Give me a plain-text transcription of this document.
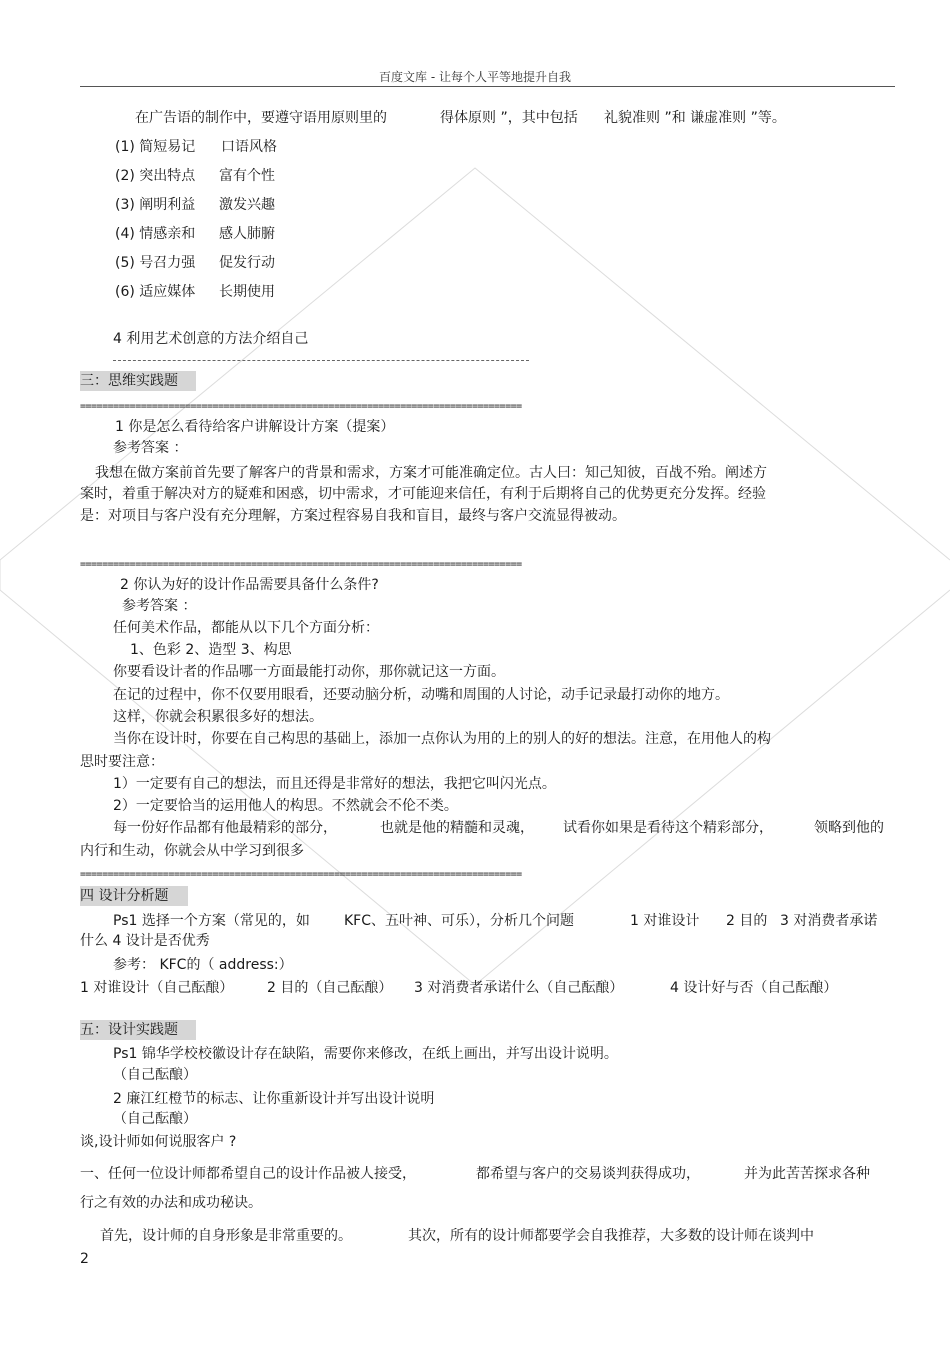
百度文库 - 让每个人平等地提升自我
在广告语的制作中，要遵守语用原则里的	得体原则 ”，其中包括 礼貌准则 ”和 谦虚准则 ”等。
(1) 简短易记 口语风格
(2) 突出特点 富有个性
(3) 阐明利益 激发兴趣
(4) 情感亲和 感人肺腑
(5) 号召力强 促发行动
(6) 适应媒体 长期使用
4 利用艺术创意的方法介绍自己
三：思维实践题
================================================================================
1 你是怎么看待给客户讲解设计方案（提案）
参考答案 ：
我想在做方案前首先要了解客户的背景和需求，方案才可能准确定位。古人曰：知己知彼，百战不殆。阐述方
案时，着重于解决对方的疑难和困惑，切中需求，才可能迎来信任，有利于后期将自己的优势更充分发挥。经验
是：对项目与客户没有充分理解，方案过程容易自我和盲目，最终与客户交流显得被动。
================================================================================
2 你认为好的设计作品需要具备什么条件?
参考答案 ：
任何美术作品，都能从以下几个方面分析：
1、色彩 2、造型 3、构思
你要看设计者的作品哪一方面最能打动你，那你就记这一方面。
在记的过程中，你不仅要用眼看，还要动脑分析，动嘴和周围的人讨论，动手记录最打动你的地方。
这样，你就会积累很多好的想法。
当你在设计时，你要在自己构思的基础上，添加一点你认为用的上的别人的好的想法。注意，在用他人的构
思时要注意：
1）一定要有自己的想法，而且还得是非常好的想法，我把它叫闪光点。
2）一定要恰当的运用他人的构思。不然就会不伦不类。
每一份好作品都有他最精彩的部分，	也就是他的精髓和灵魂， 试看你如果是看待这个精彩部分，	领略到他的
内行和生动，你就会从中学习到很多
================================================================================
四 设计分析题
Ps1 选择一个方案（常见的，如 KFC、五叶神、可乐），分析几个问题	1 对谁设计 2 目的 3 对消费者承诺
什么 4 设计是否优秀
参考： KFC的（ address:）
1 对谁设计（自己酝酿） 2 目的（自己酝酿） 3 对消费者承诺什么（自己酝酿）	4 设计好与否（自己酝酿）
五：设计实践题
Ps1 锦华学校校徽设计存在缺陷，需要你来修改，在纸上画出，并写出设计说明。
（自己酝酿）
2 廉江红橙节的标志、让你重新设计并写出设计说明
（自己酝酿）
谈,设计师如何说服客户 ?
一、任何一位设计师都希望自己的设计作品被人接受，	都希望与客户的交易谈判获得成功，	并为此苦苦探求各种
行之有效的办法和成功秘诀。
首先，设计师的自身形象是非常重要的。	其次，所有的设计师都要学会自我推荐，大多数的设计师在谈判中
2
